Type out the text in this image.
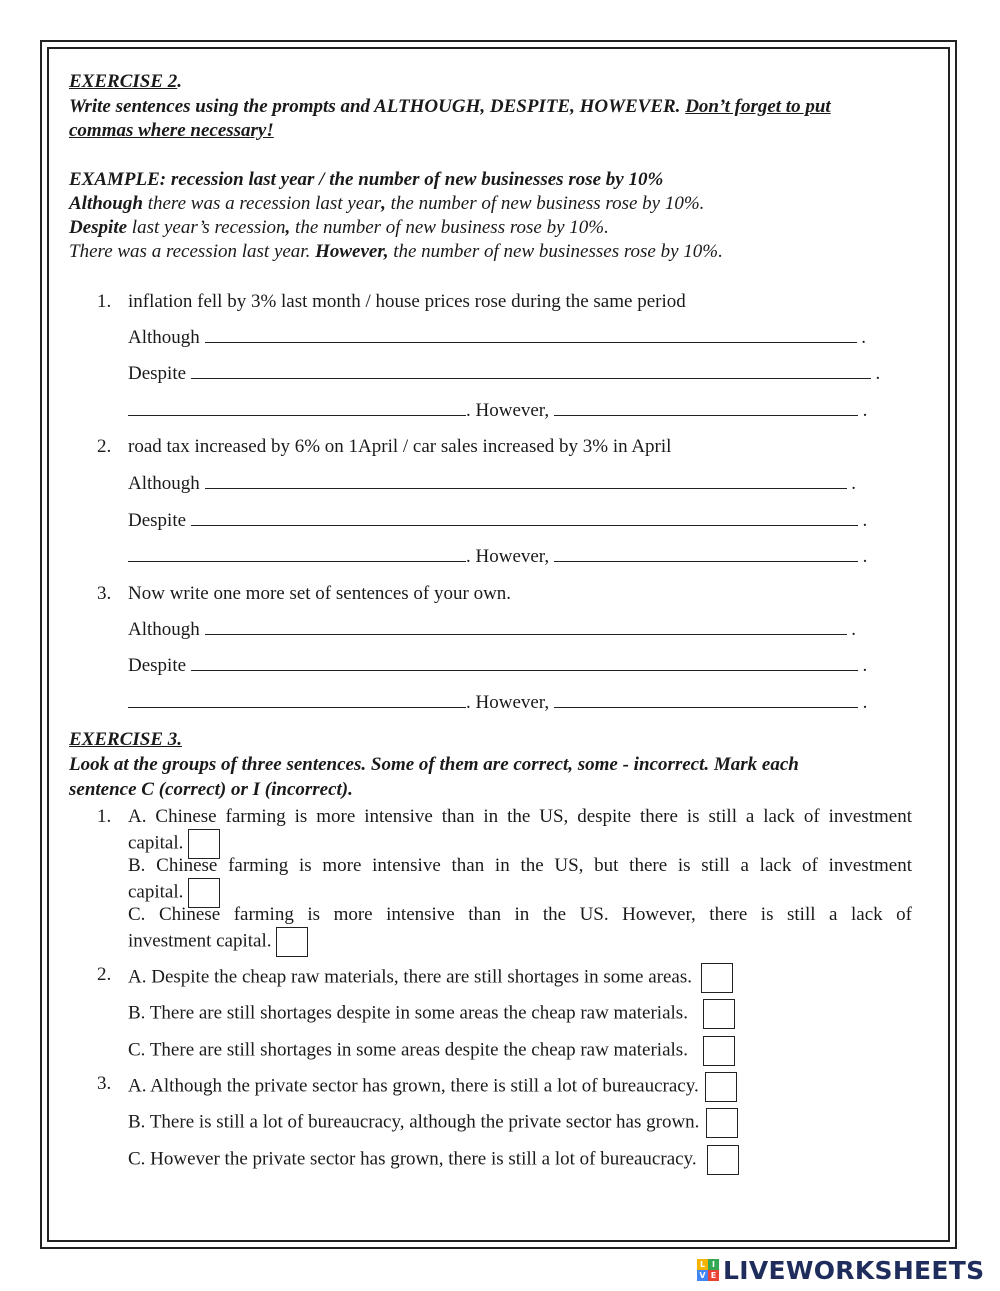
EXERCISE 2.
Write sentences using the prompts and ALTHOUGH, DESPITE, HOWEVER. Don’t forget to put
commas where necessary!
EXAMPLE: recession last year / the number of new businesses rose by 10%
Although there was a recession last year, the number of new business rose by 10%.
Despite last year’s recession, the number of new business rose by 10%.
There was a recession last year. However, the number of new businesses rose by 10%.
1. inflation fell by 3% last month / house prices rose during the same period
Although	.
Despite	.
. However,	.
2. road tax increased by 6% on 1April / car sales increased by 3% in April
Although	.
Despite	.
. However,	.
3. Now write one more set of sentences of your own.
Although	.
Despite	.
. However,	.
EXERCISE 3.
Look at the groups of three sentences. Some of them are correct, some - incorrect. Mark each
sentence C (correct) or I (incorrect).
1. A. Chinese farming is more intensive than in the US, despite there is still a lack of investment
capital.
B. Chinese farming is more intensive than in the US, but there is still a lack of investment
capital.
C. Chinese farming is more intensive than in the US. However, there is still a lack of
investment capital.
2. A. Despite the cheap raw materials, there are still shortages in some areas.
B. There are still shortages despite in some areas the cheap raw materials.
C. There are still shortages in some areas despite the cheap raw materials.
3. A. Although the private sector has grown, there is still a lot of bureaucracy.
B. There is still a lot of bureaucracy, although the private sector has grown.
C. However the private sector has grown, there is still a lot of bureaucracy.
L I
V E LIVEWORKSHEETS
